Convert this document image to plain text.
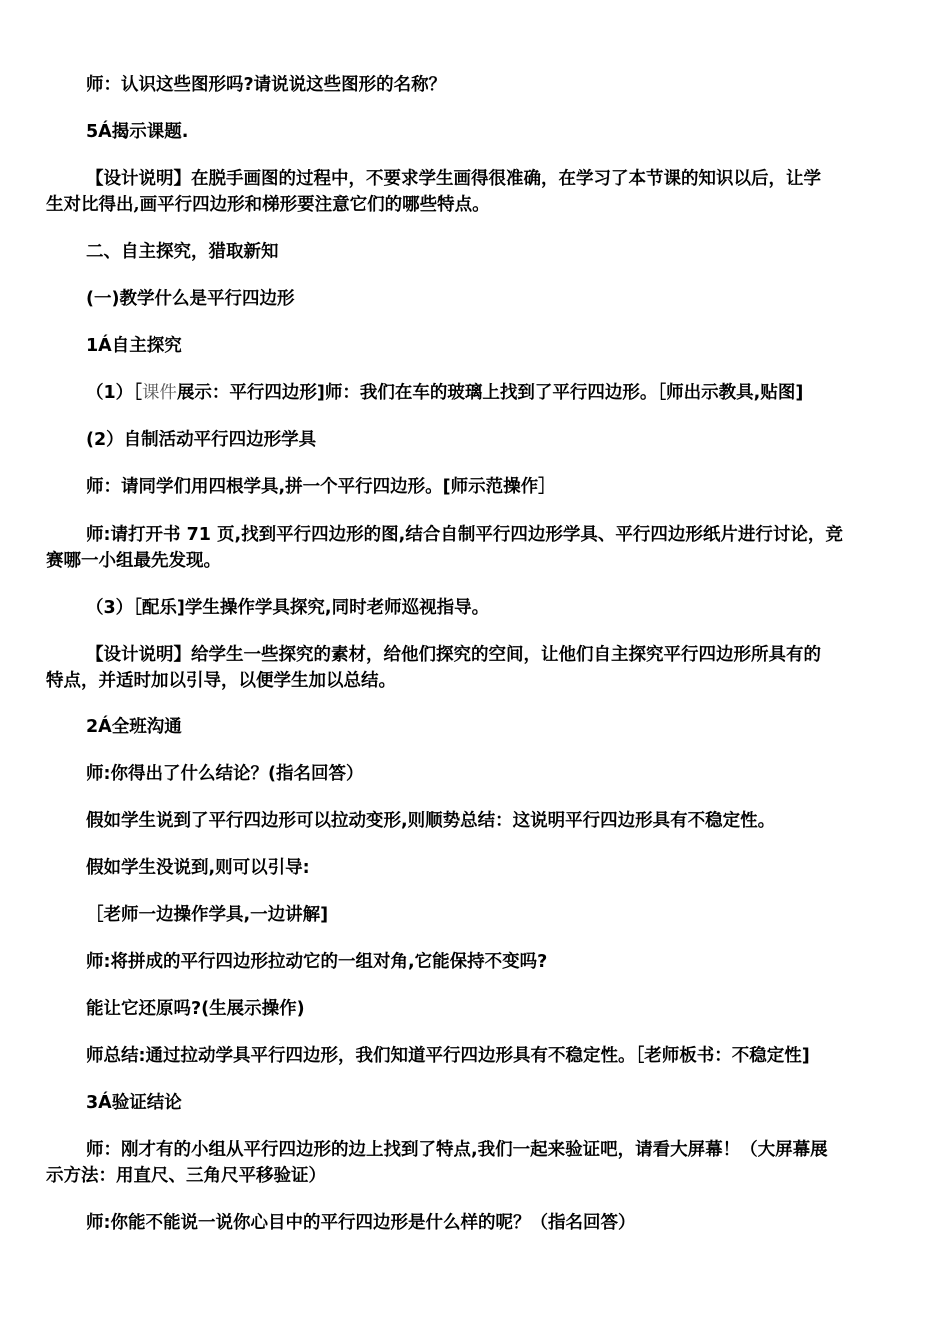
师：认识这些图形吗?请说说这些图形的名称？
5Á揭示课题.
【设计说明】在脱手画图的过程中，不要求学生画得很准确，在学习了本节课的知识以后，让学
生对比得出,画平行四边形和梯形要注意它们的哪些特点。
二、自主探究，猎取新知
(一)教学什么是平行四边形
1Á自主探究
（1）［课件展示：平行四边形]师：我们在车的玻璃上找到了平行四边形。［师出示教具,贴图]
(2）自制活动平行四边形学具
师：请同学们用四根学具,拼一个平行四边形。[师示范操作］
师:请打开书 71 页,找到平行四边形的图,结合自制平行四边形学具、平行四边形纸片进行讨论，竞
赛哪一小组最先发现。
（3）［配乐]学生操作学具探究,同时老师巡视指导。
【设计说明】给学生一些探究的素材，给他们探究的空间，让他们自主探究平行四边形所具有的
特点，并适时加以引导，以便学生加以总结。
2Á全班沟通
师:你得出了什么结论？(指名回答）
假如学生说到了平行四边形可以拉动变形,则顺势总结：这说明平行四边形具有不稳定性。
假如学生没说到,则可以引导:
［老师一边操作学具,一边讲解]
师:将拼成的平行四边形拉动它的一组对角,它能保持不变吗?
能让它还原吗?(生展示操作)
师总结:通过拉动学具平行四边形，我们知道平行四边形具有不稳定性。［老师板书：不稳定性]
3Á验证结论
师：刚才有的小组从平行四边形的边上找到了特点,我们一起来验证吧，请看大屏幕！（大屏幕展
示方法：用直尺、三角尺平移验证）
师:你能不能说一说你心目中的平行四边形是什么样的呢？（指名回答）
